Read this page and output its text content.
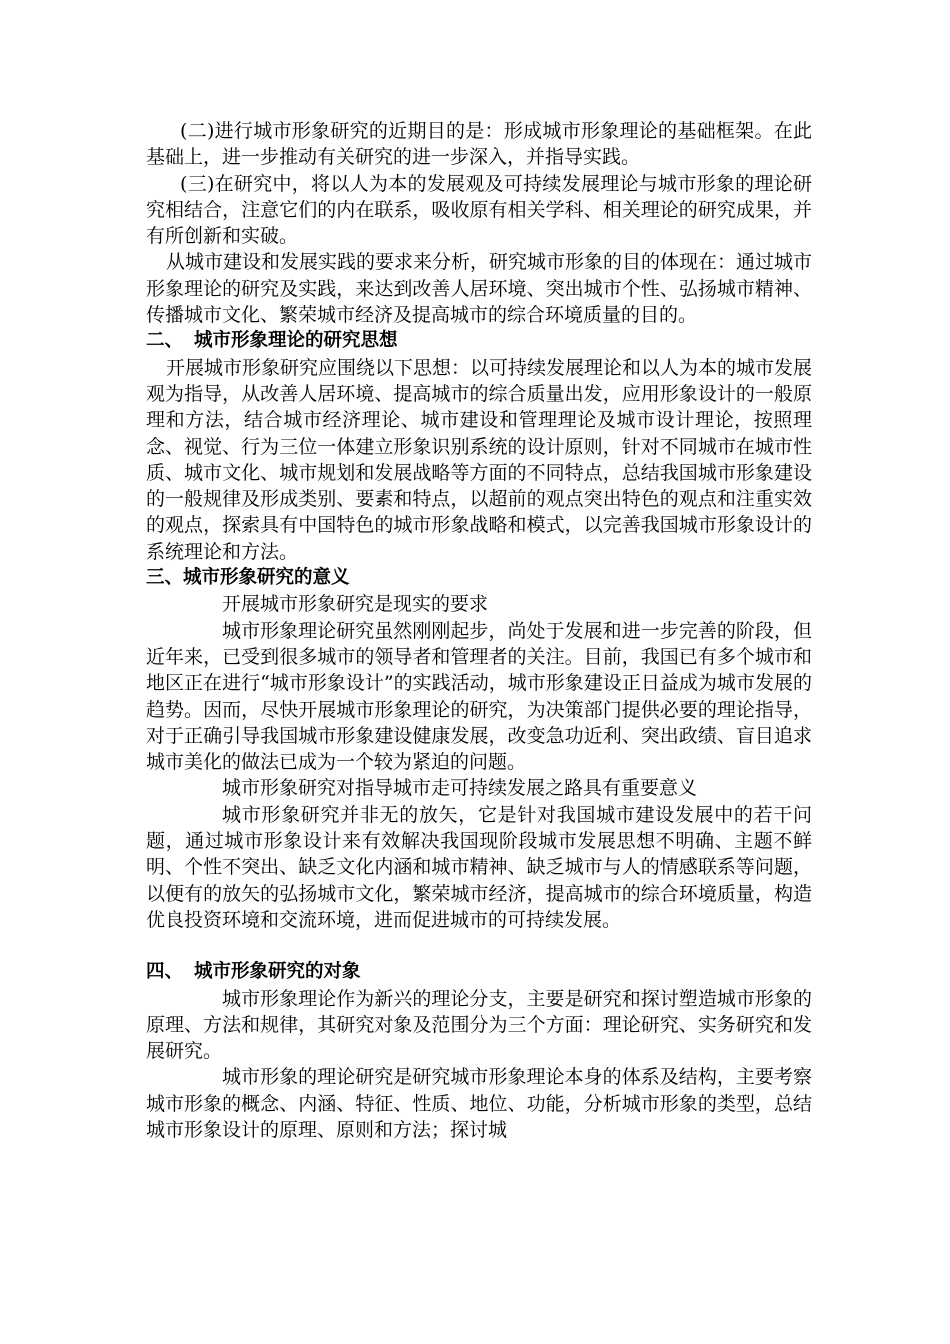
(二)进行城市形象研究的近期目的是：形成城市形象理论的基础框架。在此基础上，进一步推动有关研究的进一步深入，并指导实践。

(三)在研究中，将以人为本的发展观及可持续发展理论与城市形象的理论研究相结合，注意它们的内在联系，吸收原有相关学科、相关理论的研究成果，并有所创新和实破。

从城市建设和发展实践的要求来分析，研究城市形象的目的体现在：通过城市形象理论的研究及实践，来达到改善人居环境、突出城市个性、弘扬城市精神、传播城市文化、繁荣城市经济及提高城市的综合环境质量的目的。

二、 城市形象理论的研究思想

开展城市形象研究应围绕以下思想：以可持续发展理论和以人为本的城市发展观为指导，从改善人居环境、提高城市的综合质量出发，应用形象设计的一般原理和方法，结合城市经济理论、城市建设和管理理论及城市设计理论，按照理念、视觉、行为三位一体建立形象识别系统的设计原则，针对不同城市在城市性质、城市文化、城市规划和发展战略等方面的不同特点，总结我国城市形象建设的一般规律及形成类别、要素和特点，以超前的观点突出特色的观点和注重实效的观点，探索具有中国特色的城市形象战略和模式，以完善我国城市形象设计的系统理论和方法。

三、城市形象研究的意义

开展城市形象研究是现实的要求

城市形象理论研究虽然刚刚起步，尚处于发展和进一步完善的阶段，但近年来，已受到很多城市的领导者和管理者的关注。目前，我国已有多个城市和地区正在进行“城市形象设计”的实践活动，城市形象建设正日益成为城市发展的趋势。因而，尽快开展城市形象理论的研究，为决策部门提供必要的理论指导，对于正确引导我国城市形象建设健康发展，改变急功近利、突出政绩、盲目追求城市美化的做法已成为一个较为紧迫的问题。

城市形象研究对指导城市走可持续发展之路具有重要意义

城市形象研究并非无的放矢，它是针对我国城市建设发展中的若干问题，通过城市形象设计来有效解决我国现阶段城市发展思想不明确、主题不鲜明、个性不突出、缺乏文化内涵和城市精神、缺乏城市与人的情感联系等问题，以便有的放矢的弘扬城市文化，繁荣城市经济，提高城市的综合环境质量，构造优良投资环境和交流环境，进而促进城市的可持续发展。

四、 城市形象研究的对象

城市形象理论作为新兴的理论分支，主要是研究和探讨塑造城市形象的原理、方法和规律，其研究对象及范围分为三个方面：理论研究、实务研究和发展研究。

城市形象的理论研究是研究城市形象理论本身的体系及结构，主要考察城市形象的概念、内涵、特征、性质、地位、功能，分析城市形象的类型，总结城市形象设计的原理、原则和方法；探讨城
